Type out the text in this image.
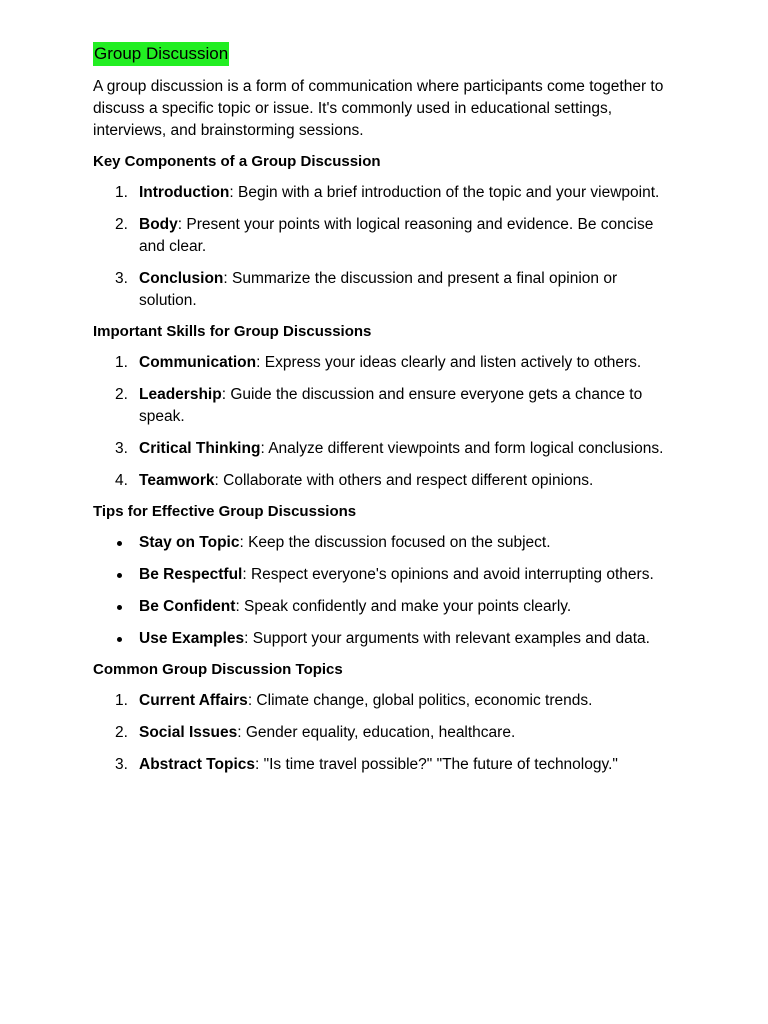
Group Discussion

A group discussion is a form of communication where participants come together to discuss a specific topic or issue. It's commonly used in educational settings, interviews, and brainstorming sessions.

Key Components of a Group Discussion
1. Introduction: Begin with a brief introduction of the topic and your viewpoint.
2. Body: Present your points with logical reasoning and evidence. Be concise and clear.
3. Conclusion: Summarize the discussion and present a final opinion or solution.
Important Skills for Group Discussions
1. Communication: Express your ideas clearly and listen actively to others.
2. Leadership: Guide the discussion and ensure everyone gets a chance to speak.
3. Critical Thinking: Analyze different viewpoints and form logical conclusions.
4. Teamwork: Collaborate with others and respect different opinions.
Tips for Effective Group Discussions
Stay on Topic: Keep the discussion focused on the subject.
Be Respectful: Respect everyone's opinions and avoid interrupting others.
Be Confident: Speak confidently and make your points clearly.
Use Examples: Support your arguments with relevant examples and data.
Common Group Discussion Topics
1. Current Affairs: Climate change, global politics, economic trends.
2. Social Issues: Gender equality, education, healthcare.
3. Abstract Topics: "Is time travel possible?" "The future of technology."
